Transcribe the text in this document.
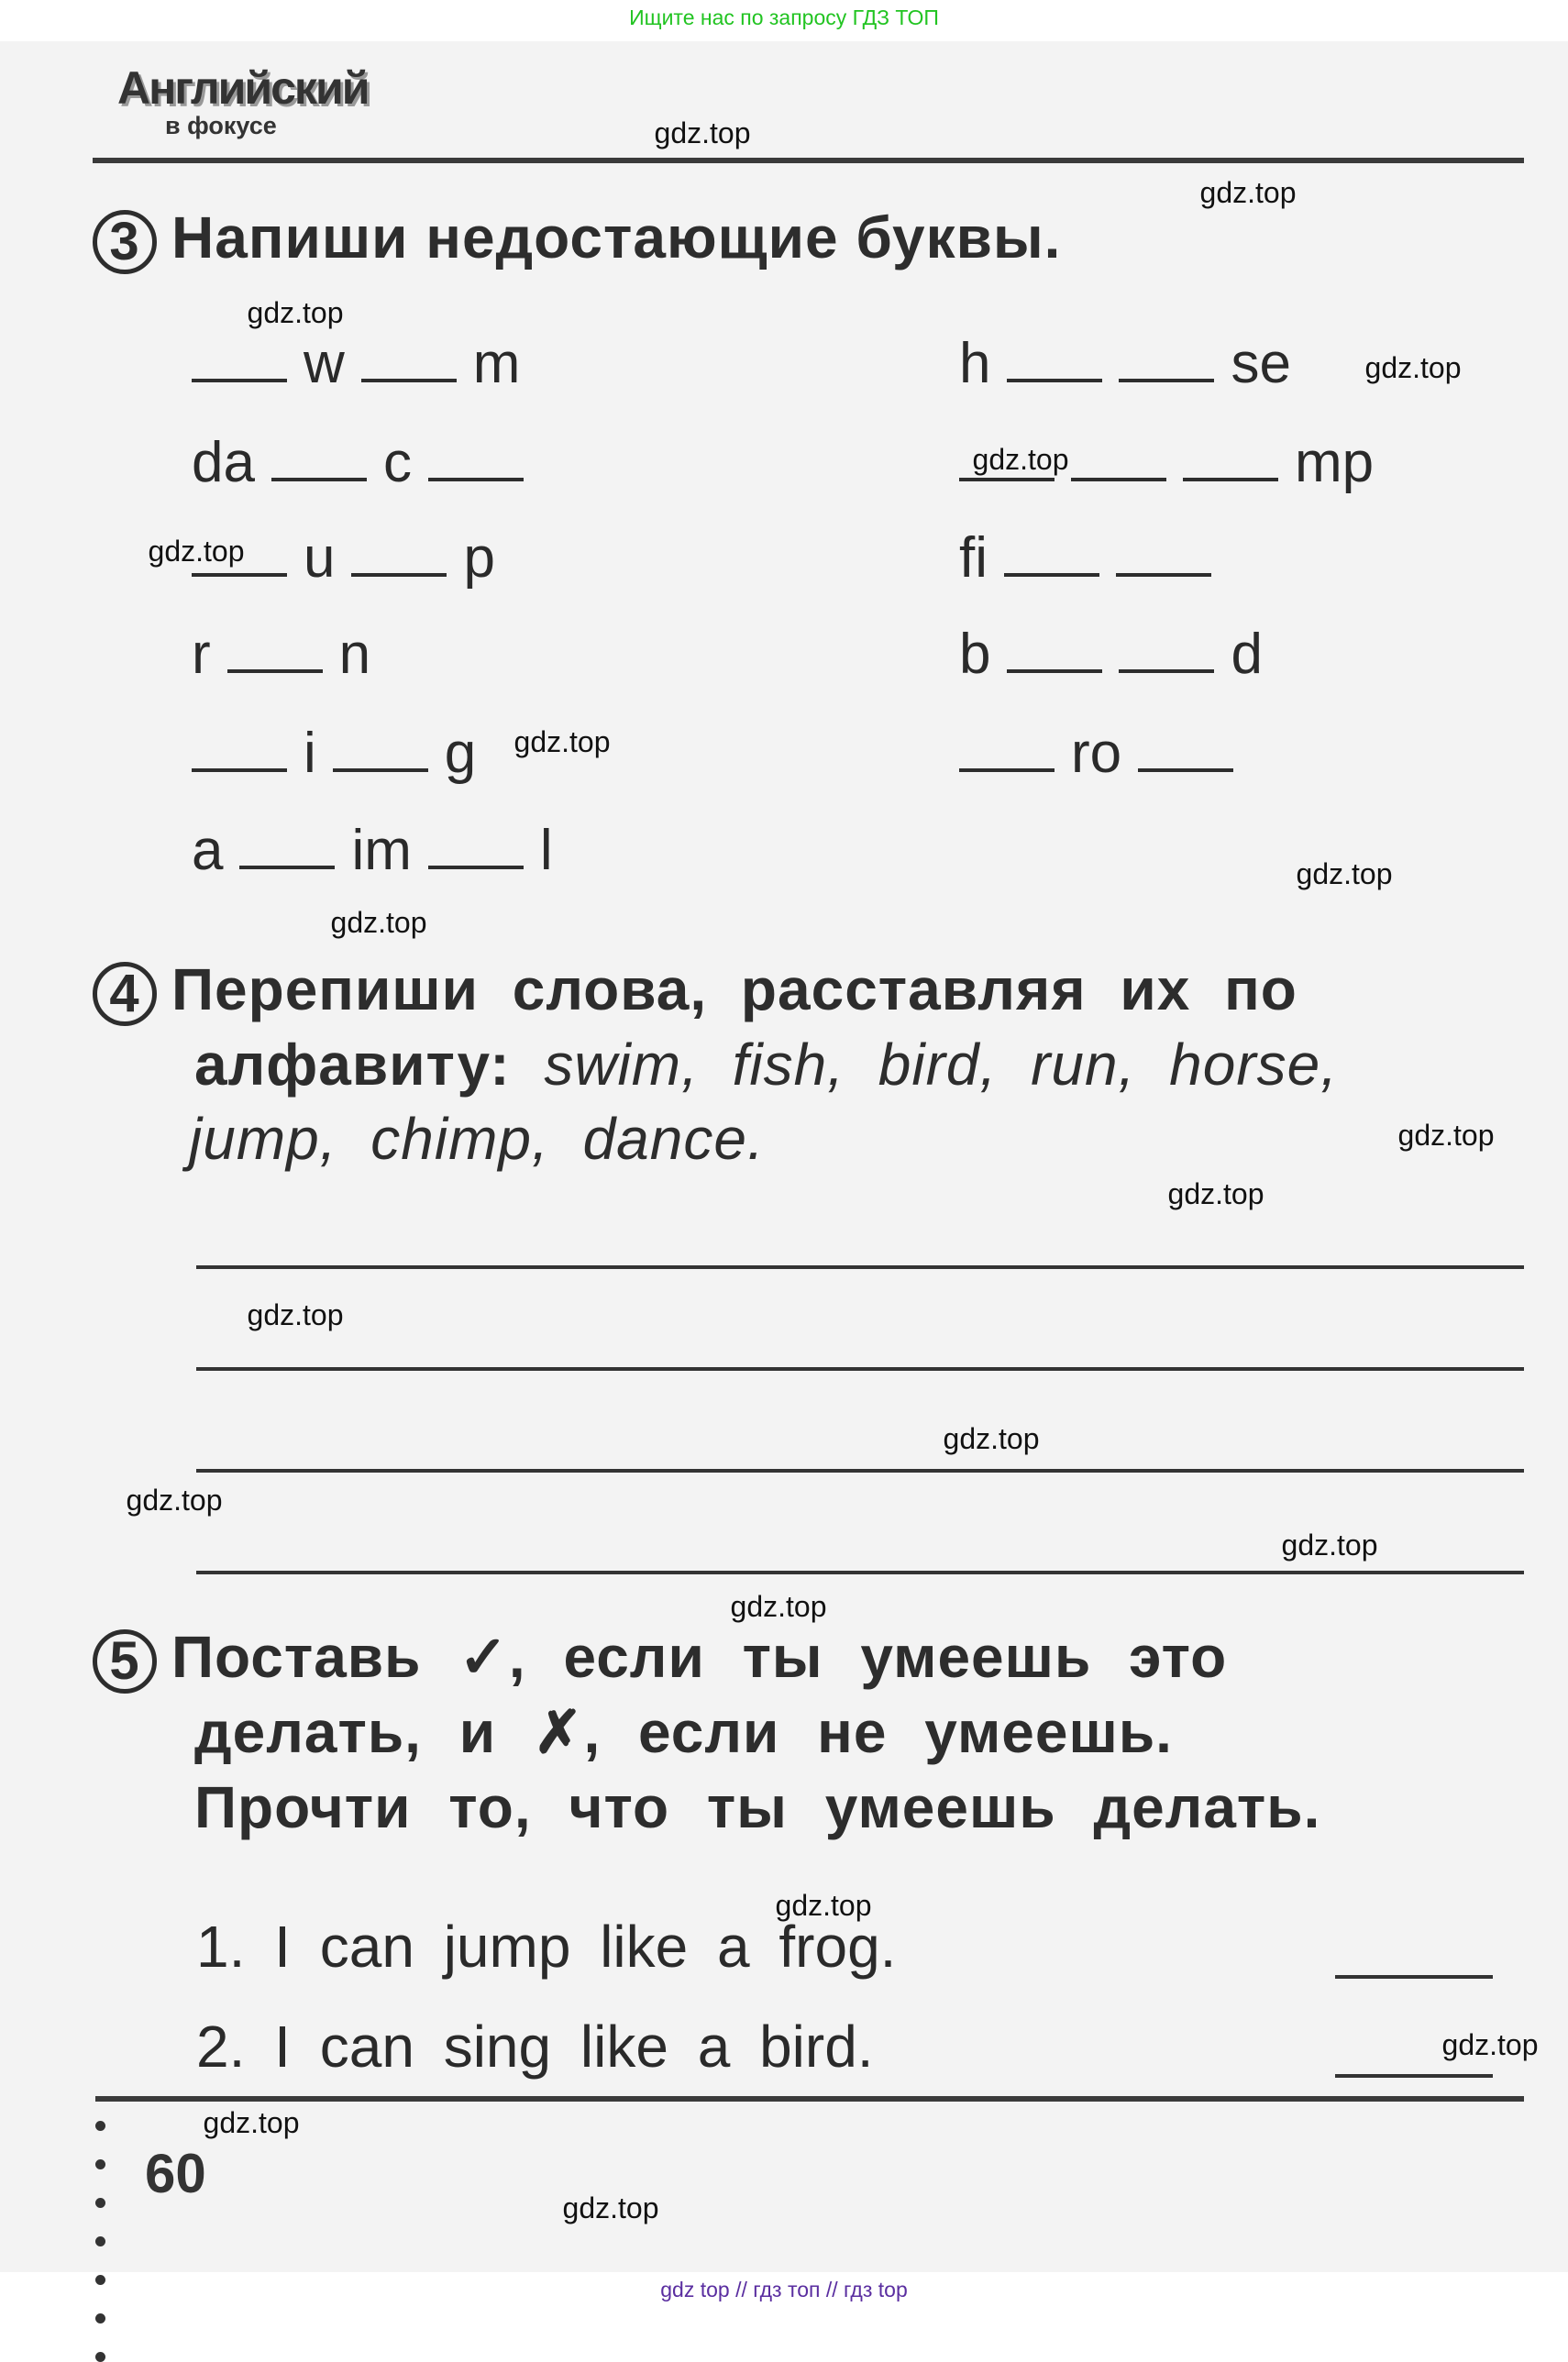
Ищите нас по запросу ГДЗ ТОП
Английский
в фокусе
3 Напиши недостающие буквы.
w m
da c
u p
r n
i g
a im l
h	se
mp
fi
b	d
ro
4 Перепиши слова, расставляя их по
алфавиту: swim, fish, bird, run, horse,
jump, chimp, dance.
5 Поставь ✓, если ты умеешь это
делать, и ✗, если не умеешь.
Прочти то, что ты умеешь делать.
1. I can jump like a frog.
2. I can sing like a bird.
60
gdz.top
gdz.top
gdz.top
gdz.top
gdz.top
gdz.top
gdz.top
gdz.top
gdz.top
gdz.top
gdz.top
gdz.top
gdz.top
gdz.top
gdz.top
gdz.top
gdz.top
gdz.top
gdz.top
gdz.top
gdz top // гдз топ // гдз top
